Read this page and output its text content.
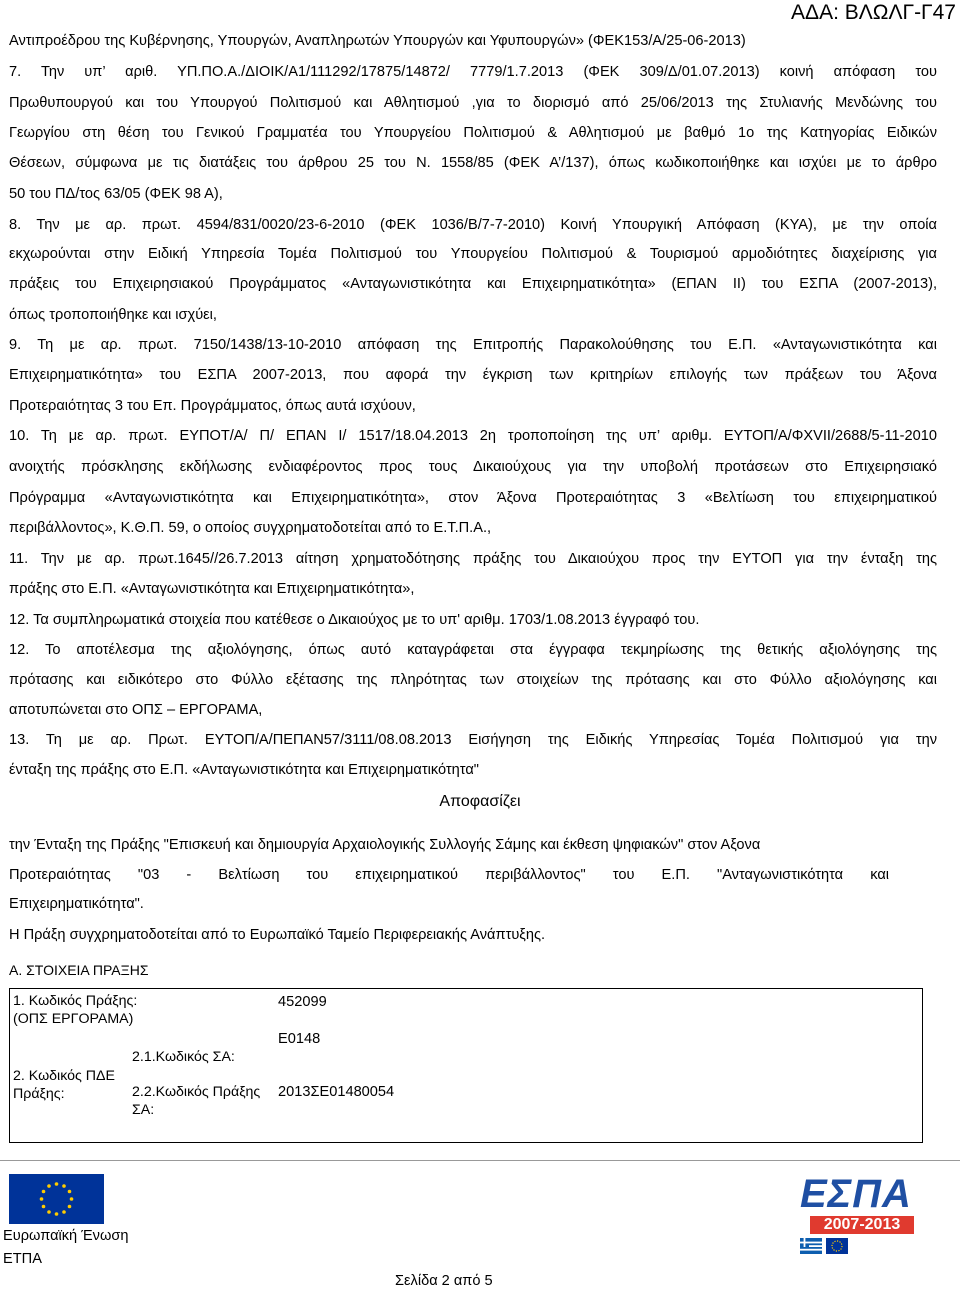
ΑΔΑ: ΒΛΩΛΓ-Γ47
Αντιπροέδρου της Κυβέρνησης, Υπουργών, Αναπληρωτών Υπουργών και Υφυπουργών» (ΦΕΚ153/Α/25-06-2013)
7. Την υπ’ αριθ. ΥΠ.ΠΟ.Α./ΔΙΟΙΚ/Α1/111292/17875/14872/ 7779/1.7.2013 (ΦΕΚ 309/Δ/01.07.2013) κοινή απόφαση του
Πρωθυπουργού και του Υπουργού Πολιτισμού και Αθλητισμού ,για το διορισμό από 25/06/2013 της Στυλιανής Μενδώνης του
Γεωργίου στη θέση του Γενικού Γραμματέα του Υπουργείου Πολιτισμού & Αθλητισμού με βαθμό 1ο της Κατηγορίας Ειδικών
Θέσεων, σύμφωνα με τις διατάξεις του άρθρου 25 του Ν. 1558/85 (ΦΕΚ Α’/137), όπως κωδικοποιήθηκε και ισχύει με το άρθρο
50 του ΠΔ/τος 63/05 (ΦΕΚ 98 Α),
8. Την με αρ. πρωτ. 4594/831/0020/23-6-2010 (ΦΕΚ 1036/Β/7-7-2010) Κοινή Υπουργική Απόφαση (ΚΥΑ), με την οποία
εκχωρούνται στην Ειδική Υπηρεσία Τομέα Πολιτισμού του Υπουργείου Πολιτισμού & Τουρισμού αρμοδιότητες διαχείρισης για
πράξεις του Επιχειρησιακού Προγράμματος «Ανταγωνιστικότητα και Επιχειρηματικότητα» (ΕΠΑΝ ΙΙ) του ΕΣΠΑ (2007-2013),
όπως τροποποιήθηκε και ισχύει,
9. Τη με αρ. πρωτ. 7150/1438/13-10-2010 απόφαση της Επιτροπής Παρακολούθησης του Ε.Π. «Ανταγωνιστικότητα και
Επιχειρηματικότητα» του ΕΣΠΑ 2007-2013, που αφορά την έγκριση των κριτηρίων επιλογής των πράξεων του Άξονα
Προτεραιότητας 3 του Επ. Προγράμματος, όπως αυτά ισχύουν,
10. Τη με αρ. πρωτ. ΕΥΠΟΤ/Α/ Π/ ΕΠΑΝ Ι/ 1517/18.04.2013 2η τροποποίηση της υπ’ αριθμ. ΕΥΤΟΠ/Α/ΦΧVII/2688/5-11-2010
ανοιχτής πρόσκλησης εκδήλωσης ενδιαφέροντος προς τους Δικαιούχους για την υποβολή προτάσεων στο Επιχειρησιακό
Πρόγραμμα «Ανταγωνιστικότητα και Επιχειρηματικότητα», στον Άξονα Προτεραιότητας 3 «Βελτίωση του επιχειρηματικού
περιβάλλοντος», Κ.Θ.Π. 59, ο οποίος συγχρηματοδοτείται από το Ε.Τ.Π.Α.,
11. Την με αρ. πρωτ.1645//26.7.2013 αίτηση χρηματοδότησης πράξης του Δικαιούχου προς την ΕΥΤΟΠ για την ένταξη της
πράξης στο Ε.Π. «Ανταγωνιστικότητα και Επιχειρηματικότητα»,
12. Τα συμπληρωματικά στοιχεία που κατέθεσε ο Δικαιούχος με το υπ' αριθμ. 1703/1.08.2013 έγγραφό του.
12. Το αποτέλεσμα της αξιολόγησης, όπως αυτό καταγράφεται στα έγγραφα τεκμηρίωσης της θετικής αξιολόγησης της
πρότασης και ειδικότερο στο Φύλλο εξέτασης της πληρότητας των στοιχείων της πρότασης και στο Φύλλο αξιολόγησης και
αποτυπώνεται στο ΟΠΣ – ΕΡΓΟΡΑΜΑ,
13. Τη με αρ. Πρωτ. ΕΥΤΟΠ/Α/ΠΕΠΑΝ57/3111/08.08.2013 Εισήγηση της Ειδικής Υπηρεσίας Τομέα Πολιτισμού για την
ένταξη της πράξης στο Ε.Π. «Ανταγωνιστικότητα και Επιχειρηματικότητα"
Αποφασίζει
την Ένταξη της Πράξης "Επισκευή και δημιουργία Αρχαιολογικής Συλλογής Σάμης και έκθεση ψηφιακών" στον Αξονα
Προτεραιότητας "03 - Βελτίωση του επιχειρηματικού περιβάλλοντος" του Ε.Π. "Ανταγωνιστικότητα και
Επιχειρηματικότητα".
Η Πράξη συγχρηματοδοτείται από το Ευρωπαϊκό Ταμείο Περιφερειακής Ανάπτυξης.
Α. ΣΤΟΙΧΕΙΑ ΠΡΑΞΗΣ
1. Κωδικός Πράξης:
(ΟΠΣ ΕΡΓΟΡΑΜΑ)
452099
Ε0148
2. Κωδικός ΠΔΕ
Πράξης:
2.1.Κωδικός ΣΑ:
2.2.Κωδικός Πράξης
ΣΑ:
2013ΣΕ01480054
Ευρωπαϊκή Ένωση
ΕΤΠΑ
Σελίδα 2 από 5
ΕΣΠΑ
2007-2013
